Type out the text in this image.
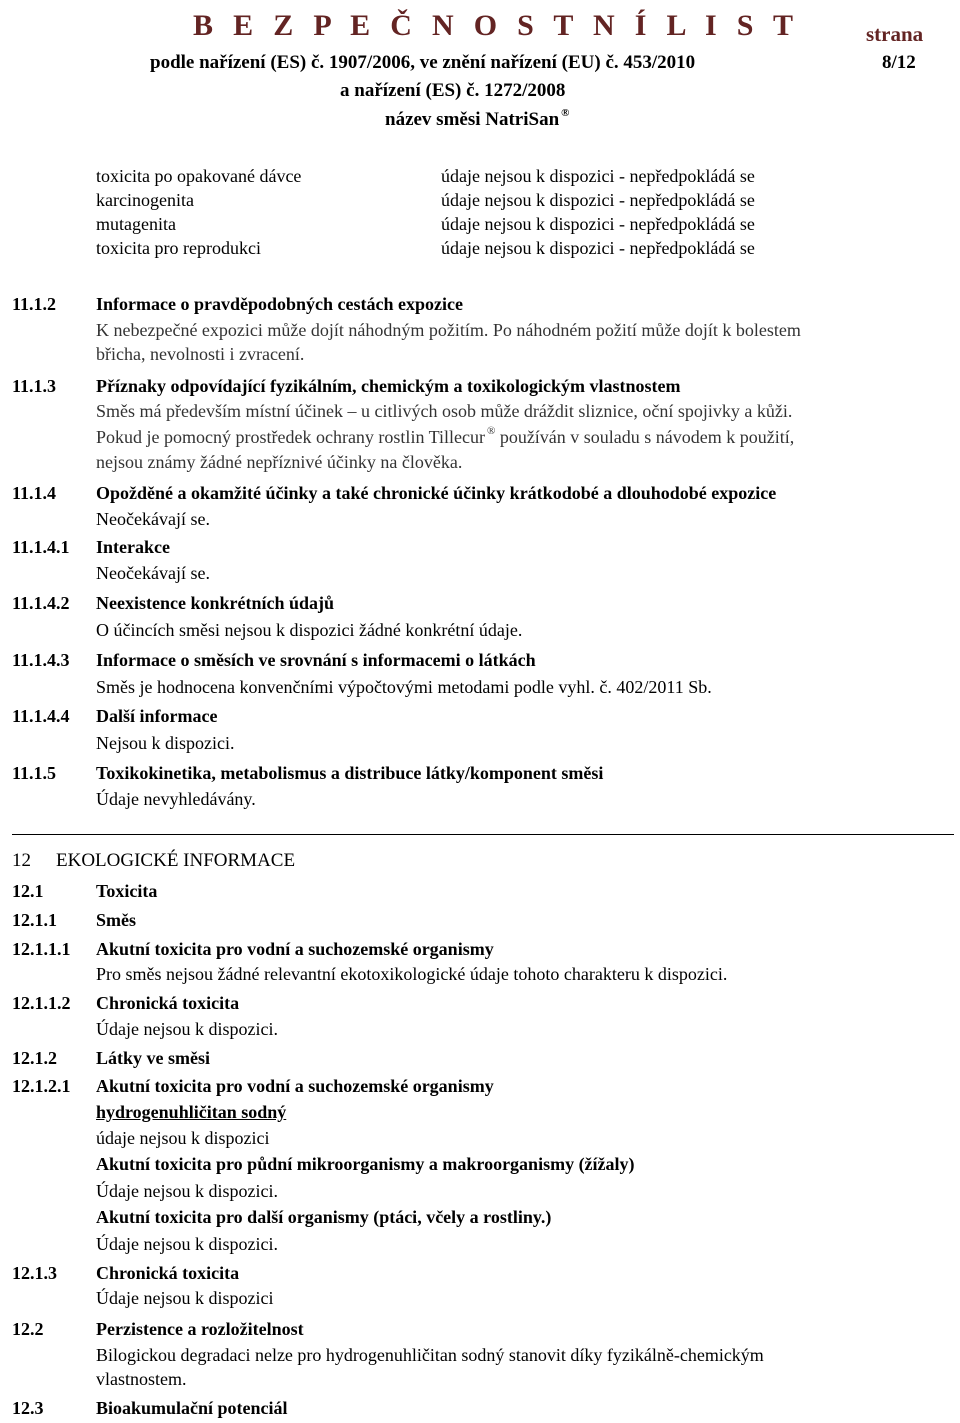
B E Z P E Č N O S T N Í L I S T	strana
podle nařízení (ES) č. 1907/2006, ve znění nařízení (EU) č. 453/2010	8/12
a nařízení (ES) č. 1272/2008
název směsi NatriSan ®
toxicita po opakované dávce	údaje nejsou k dispozici - nepředpokládá se
karcinogenita	údaje nejsou k dispozici - nepředpokládá se
mutagenita	údaje nejsou k dispozici - nepředpokládá se
toxicita pro reprodukci	údaje nejsou k dispozici - nepředpokládá se
11.1.2 Informace o pravděpodobných cestách expozice
K nebezpečné expozici může dojít náhodným požitím. Po náhodném požití může dojít k bolestem
břicha, nevolnosti i zvracení.
11.1.3 Příznaky odpovídající fyzikálním, chemickým a toxikologickým vlastnostem
Směs má především místní účinek – u citlivých osob může dráždit sliznice, oční spojivky a kůži.
Pokud je pomocný prostředek ochrany rostlin Tillecur ® používán v souladu s návodem k použití,
nejsou známy žádné nepříznivé účinky na člověka.
11.1.4 Opožděné a okamžité účinky a také chronické účinky krátkodobé a dlouhodobé expozice
Neočekávají se.
11.1.4.1 Interakce
Neočekávají se.
11.1.4.2 Neexistence konkrétních údajů
O účincích směsi nejsou k dispozici žádné konkrétní údaje.
11.1.4.3 Informace o směsích ve srovnání s informacemi o látkách
Směs je hodnocena konvenčními výpočtovými metodami podle vyhl. č. 402/2011 Sb.
11.1.4.4 Další informace
Nejsou k dispozici.
11.1.5 Toxikokinetika, metabolismus a distribuce látky/komponent směsi
Údaje nevyhledávány.
12 EKOLOGICKÉ INFORMACE
12.1	Toxicita
12.1.1 Směs
12.1.1.1 Akutní toxicita pro vodní a suchozemské organismy
Pro směs nejsou žádné relevantní ekotoxikologické údaje tohoto charakteru k dispozici.
12.1.1.2 Chronická toxicita
Údaje nejsou k dispozici.
12.1.2 Látky ve směsi
12.1.2.1 Akutní toxicita pro vodní a suchozemské organismy
hydrogenuhličitan sodný
údaje nejsou k dispozici
Akutní toxicita pro půdní mikroorganismy a makroorganismy (žížaly)
Údaje nejsou k dispozici.
Akutní toxicita pro další organismy (ptáci, včely a rostliny.)
Údaje nejsou k dispozici.
12.1.3 Chronická toxicita
Údaje nejsou k dispozici
12.2	Perzistence a rozložitelnost
Bilogickou degradaci nelze pro hydrogenuhličitan sodný stanovit díky fyzikálně-chemickým
vlastnostem.
12.3	Bioakumulační potenciál
